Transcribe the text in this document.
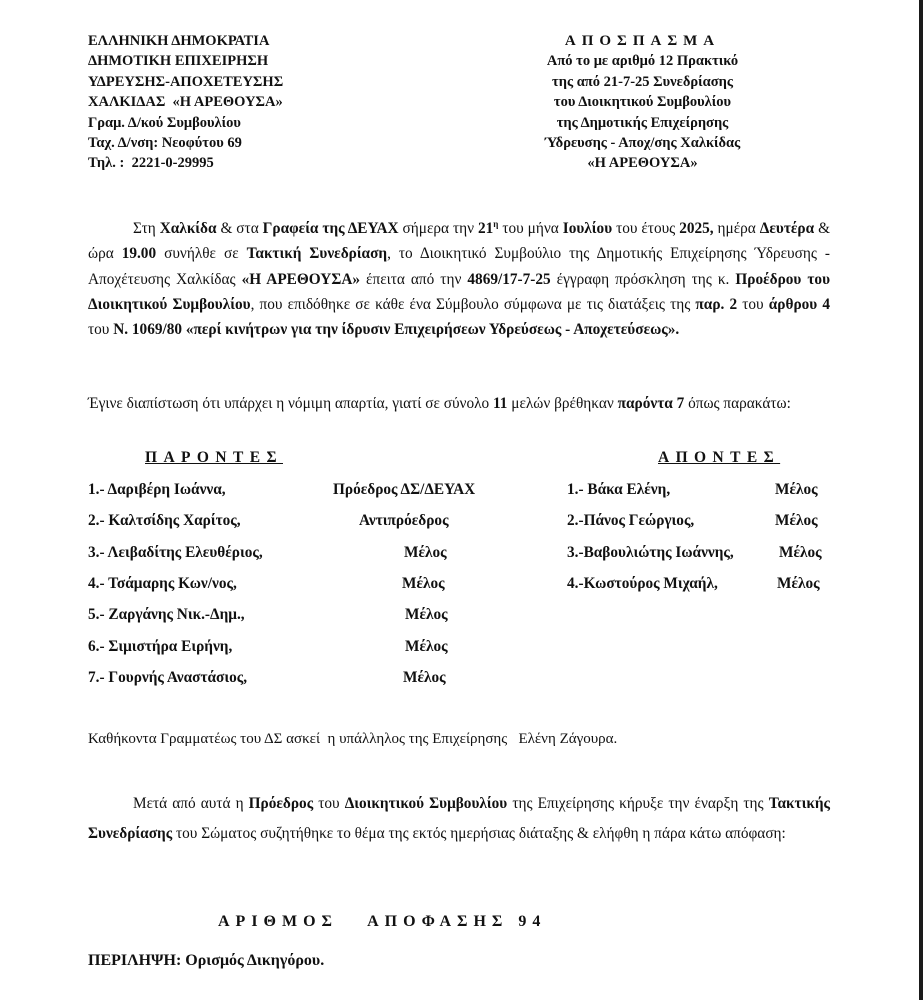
ΕΛΛΗΝΙΚΗ ΔΗΜΟΚΡΑΤΙΑ
ΔΗΜΟΤΙΚΗ ΕΠΙΧΕΙΡΗΣΗ
ΥΔΡΕΥΣΗΣ-ΑΠΟΧΕΤΕΥΣΗΣ
ΧΑΛΚΙΔΑΣ  «Η ΑΡΕΘΟΥΣΑ»
Γραμ. Δ/κού Συμβουλίου
Ταχ. Δ/νση: Νεοφύτου 69
Τηλ. :  2221-0-29995
ΑΠΟΣΠΑΣΜΑ
Από το με αριθμό 12 Πρακτικό
της από 21-7-25 Συνεδρίασης
του Διοικητικού Συμβουλίου
της Δημοτικής Επιχείρησης
Ύδρευσης - Αποχ/σης Χαλκίδας
«Η ΑΡΕΘΟΥΣΑ»
Στη Χαλκίδα & στα Γραφεία της ΔΕΥΑΧ σήμερα την $21^\eta$ του μήνα Ιουλίου του έτους 2025, ημέρα Δευτέρα & ώρα 19.00 συνήλθε σε Τακτική Συνεδρίαση, το Διοικητικό Συμβούλιο της Δημοτικής Επιχείρησης Ύδρευσης - Αποχέτευσης Χαλκίδας «Η ΑΡΕΘΟΥΣΑ» έπειτα από την 4869/17-7-25 έγγραφη πρόσκληση της κ. Προέδρου του Διοικητικού Συμβουλίου, που επιδόθηκε σε κάθε ένα Σύμβουλο σύμφωνα με τις διατάξεις της παρ. 2 του άρθρου 4 του Ν. 1069/80 «περί κινήτρων για την ίδρυσιν Επιχειρήσεων Υδρεύσεως - Αποχετεύσεως».
Έγινε διαπίστωση ότι υπάρχει η νόμιμη απαρτία, γιατί σε σύνολο 11 μελών βρέθηκαν παρόντα 7 όπως παρακάτω:
ΠΑΡΟΝΤΕΣ	ΑΠΟΝΤΕΣ
1.- Δαριβέρη Ιωάννα,	Πρόεδρος ΔΣ/ΔΕΥΑΧ
2.- Καλτσίδης Χαρίτος,	Αντιπρόεδρος
3.- Λειβαδίτης Ελευθέριος,	Μέλος
4.- Τσάμαρης Κων/νος,	Μέλος
5.- Ζαργάνης Νικ.-Δημ.,	Μέλος
6.- Σιμιστήρα Ειρήνη,	Μέλος
7.- Γουρνής Αναστάσιος,	Μέλος
1.- Βάκα Ελένη,	Μέλος
2.-Πάνος Γεώργιος,	Μέλος
3.-Βαβουλιώτης Ιωάννης,	Μέλος
4.-Κωστούρος Μιχαήλ,	Μέλος
Καθήκοντα Γραμματέως του ΔΣ ασκεί  η υπάλληλος της Επιχείρησης   Ελένη Ζάγουρα.
Μετά από αυτά η Πρόεδρος του Διοικητικού Συμβουλίου της Επιχείρησης κήρυξε την έναρξη της Τακτικής Συνεδρίασης του Σώματος συζητήθηκε το θέμα της εκτός ημερήσιας διάταξης & ελήφθη η πάρα κάτω απόφαση:
ΑΡΙΘΜΟΣ   ΑΠΟΦΑΣΗΣ 94
ΠΕΡΙΛΗΨΗ: Ορισμός Δικηγόρου.
